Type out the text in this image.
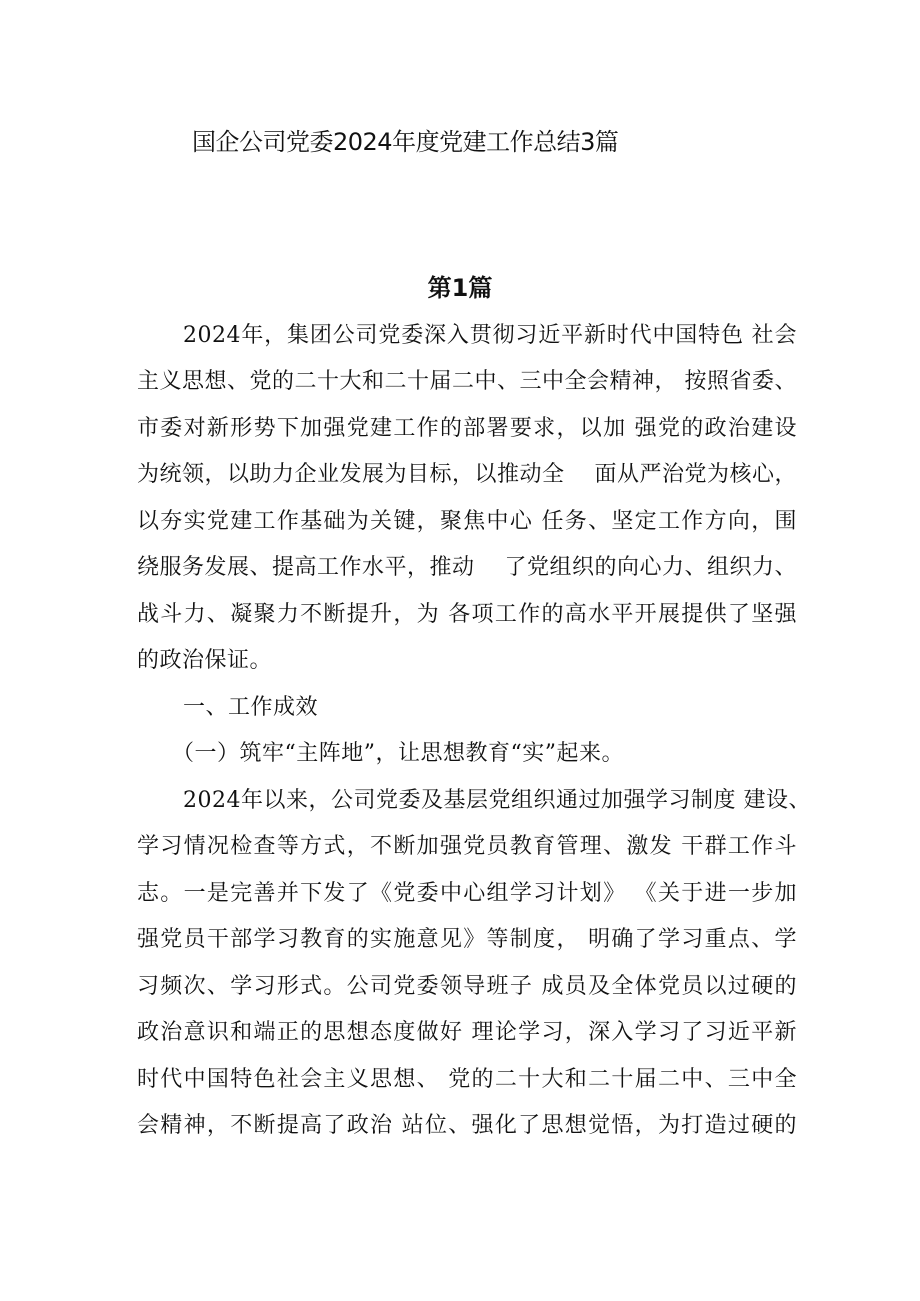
国企公司党委2024年度党建工作总结3篇
第1篇
2024年，集团公司党委深入贯彻习近平新时代中国特色 社会
主义思想、党的二十大和二十届二中、三中全会精神， 按照省委、
市委对新形势下加强党建工作的部署要求，以加 强党的政治建设
为统领，以助力企业发展为目标，以推动全　 面从严治党为核心，
以夯实党建工作基础为关键，聚焦中心 任务、坚定工作方向，围
绕服务发展、提高工作水平，推动　 了党组织的向心力、组织力、
战斗力、凝聚力不断提升，为 各项工作的高水平开展提供了坚强
的政治保证。
一、工作成效
（一）筑牢“主阵地”，让思想教育“实”起来。
2024年以来，公司党委及基层党组织通过加强学习制度 建设、
学习情况检查等方式，不断加强党员教育管理、激发 干群工作斗
志。一是完善并下发了《党委中心组学习计划》 《关于进一步加
强党员干部学习教育的实施意见》等制度， 明确了学习重点、学
习频次、学习形式。公司党委领导班子 成员及全体党员以过硬的
政治意识和端正的思想态度做好 理论学习，深入学习了习近平新
时代中国特色社会主义思想、 党的二十大和二十届二中、三中全
会精神，不断提高了政治 站位、强化了思想觉悟，为打造过硬的
